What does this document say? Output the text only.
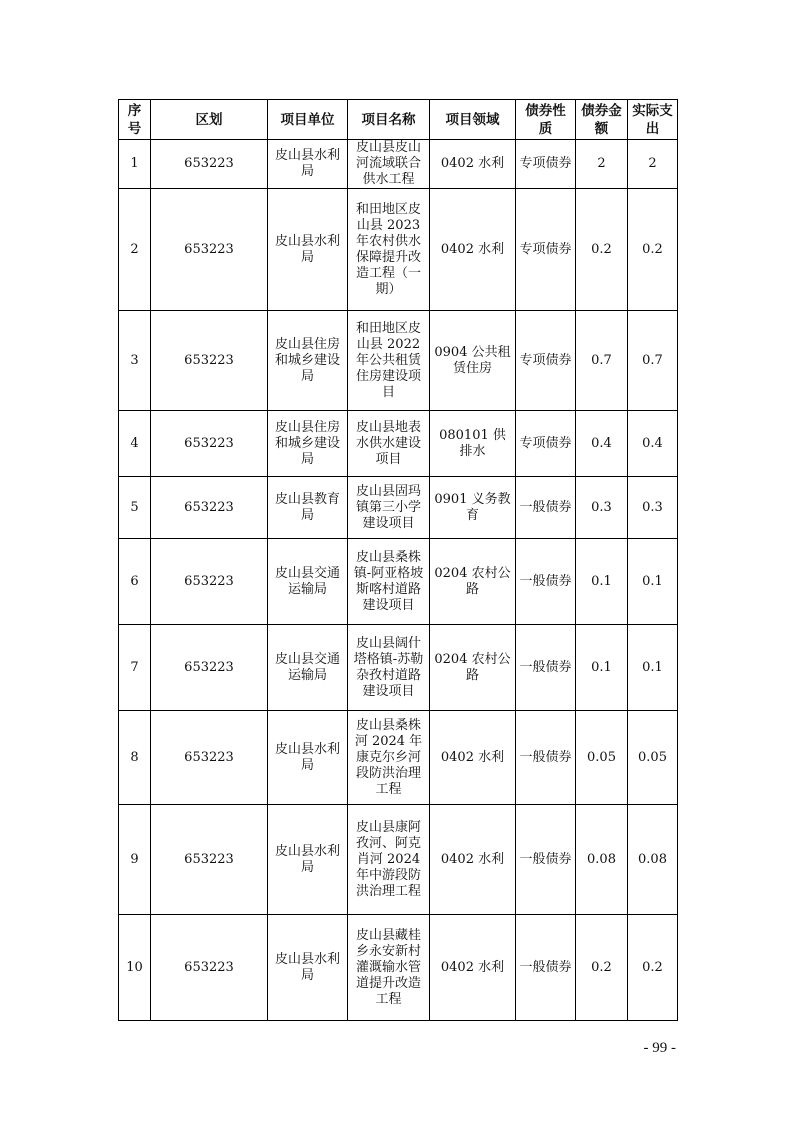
序号	区划	项目单位	项目名称	项目领域	债券性质	债券金额	实际支出
1	653223	皮山县水利局	皮山县皮山河流域联合供水工程	0402 水利	专项债券	2	2
2	653223	皮山县水利局	和田地区皮山县 2023 年农村供水保障提升改造工程（一期）	0402 水利	专项债券	0.2	0.2
3	653223	皮山县住房和城乡建设局	和田地区皮山县 2022 年公共租赁住房建设项目	0904 公共租赁住房	专项债券	0.7	0.7
4	653223	皮山县住房和城乡建设局	皮山县地表水供水建设项目	080101 供排水	专项债券	0.4	0.4
5	653223	皮山县教育局	皮山县固玛镇第三小学建设项目	0901 义务教育	一般债券	0.3	0.3
6	653223	皮山县交通运输局	皮山县桑株镇-阿亚格坡斯喀村道路建设项目	0204 农村公路	一般债券	0.1	0.1
7	653223	皮山县交通运输局	皮山县阔什塔格镇-苏勒杂孜村道路建设项目	0204 农村公路	一般债券	0.1	0.1
8	653223	皮山县水利局	皮山县桑株河 2024 年康克尔乡河段防洪治理工程	0402 水利	一般债券	0.05	0.05
9	653223	皮山县水利局	皮山县康阿孜河、阿克肖河 2024 年中游段防洪治理工程	0402 水利	一般债券	0.08	0.08
10	653223	皮山县水利局	皮山县藏桂乡永安新村灌溉输水管道提升改造工程	0402 水利	一般债券	0.2	0.2
- 99 -
